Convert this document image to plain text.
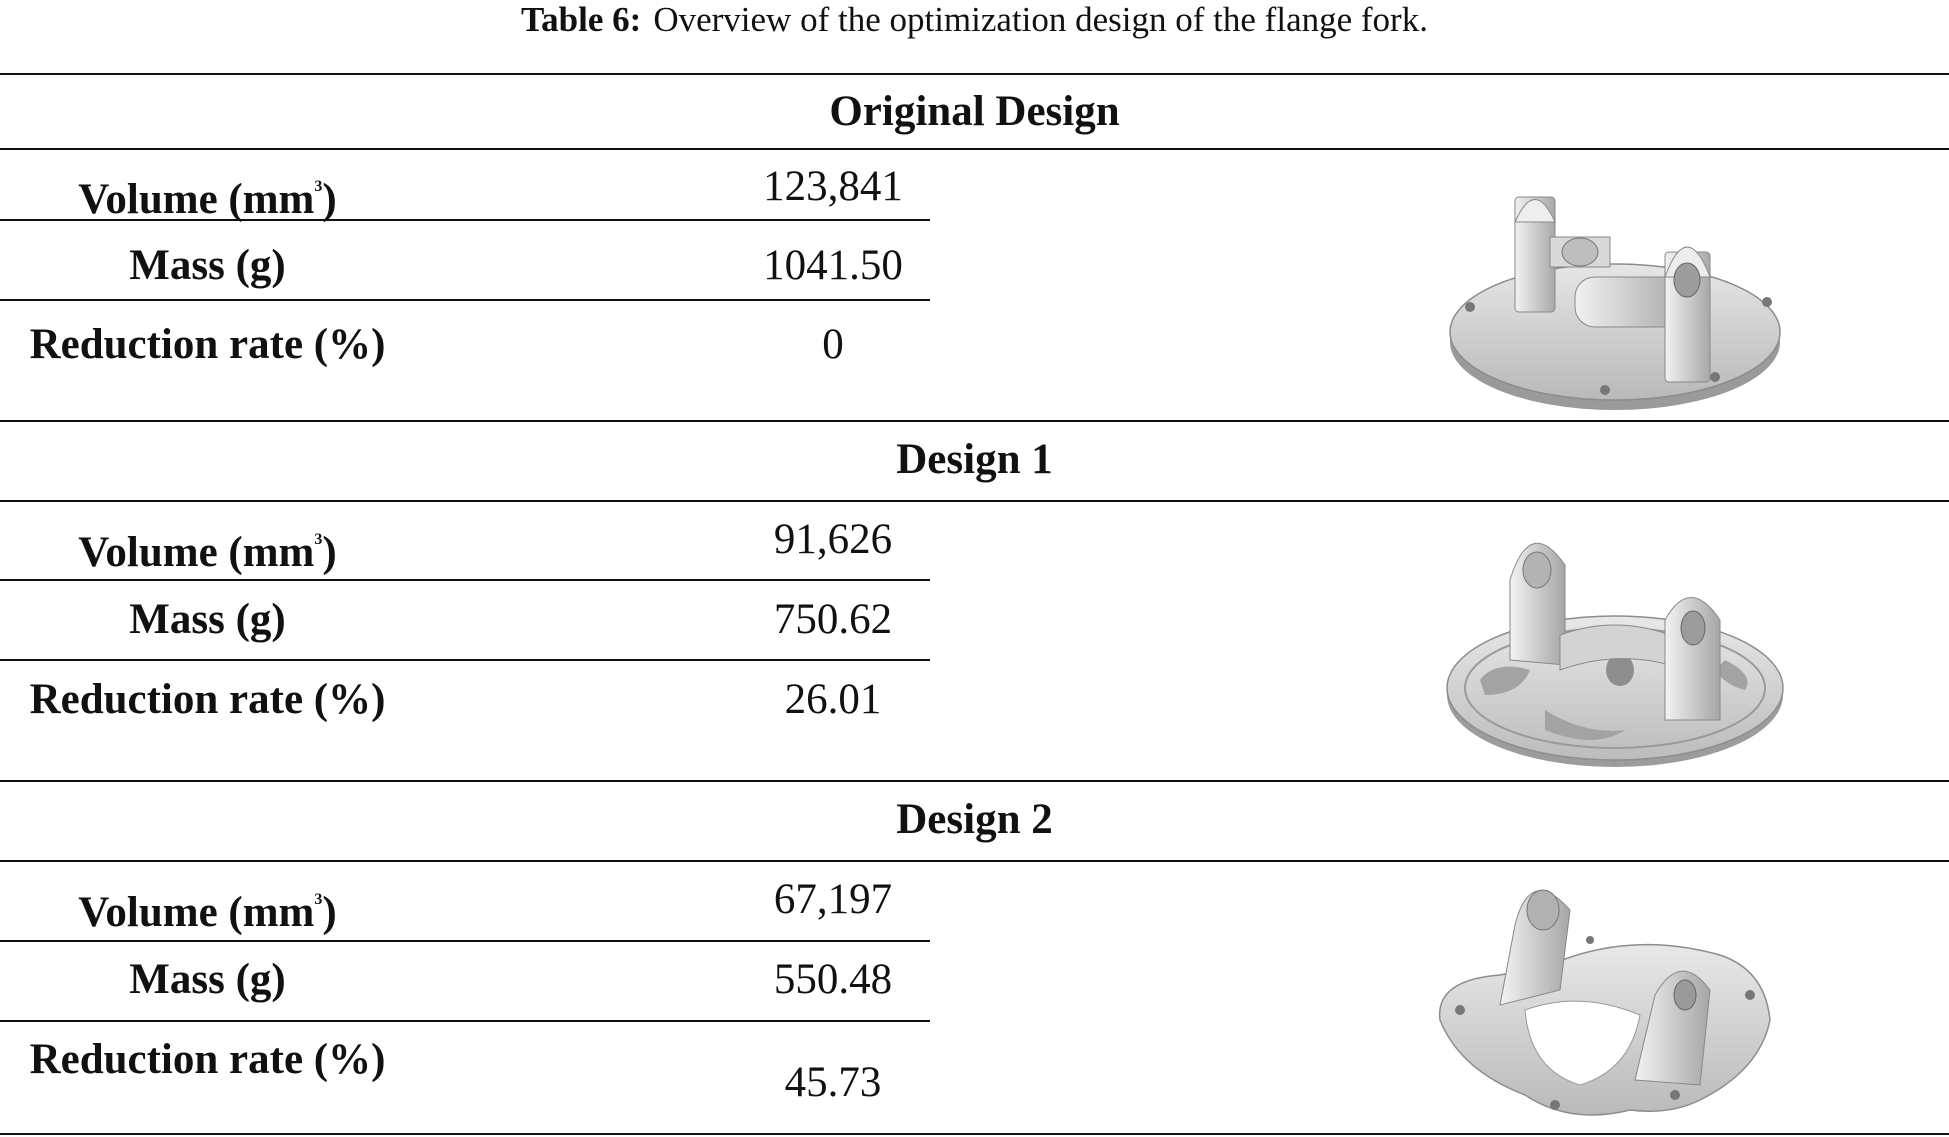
Table 6: Overview of the optimization design of the flange fork.
Original Design
Volume $(mm^3)$	123,841
Mass (g)	1041.50
Reduction rate (%)	0
Design 1
Volume $(mm^3)$	91,626
Mass (g)	750.62
Reduction rate (%)	26.01
Design 2
Volume $(mm^3)$	67,197
Mass (g)	550.48
Reduction rate (%)	45.73
